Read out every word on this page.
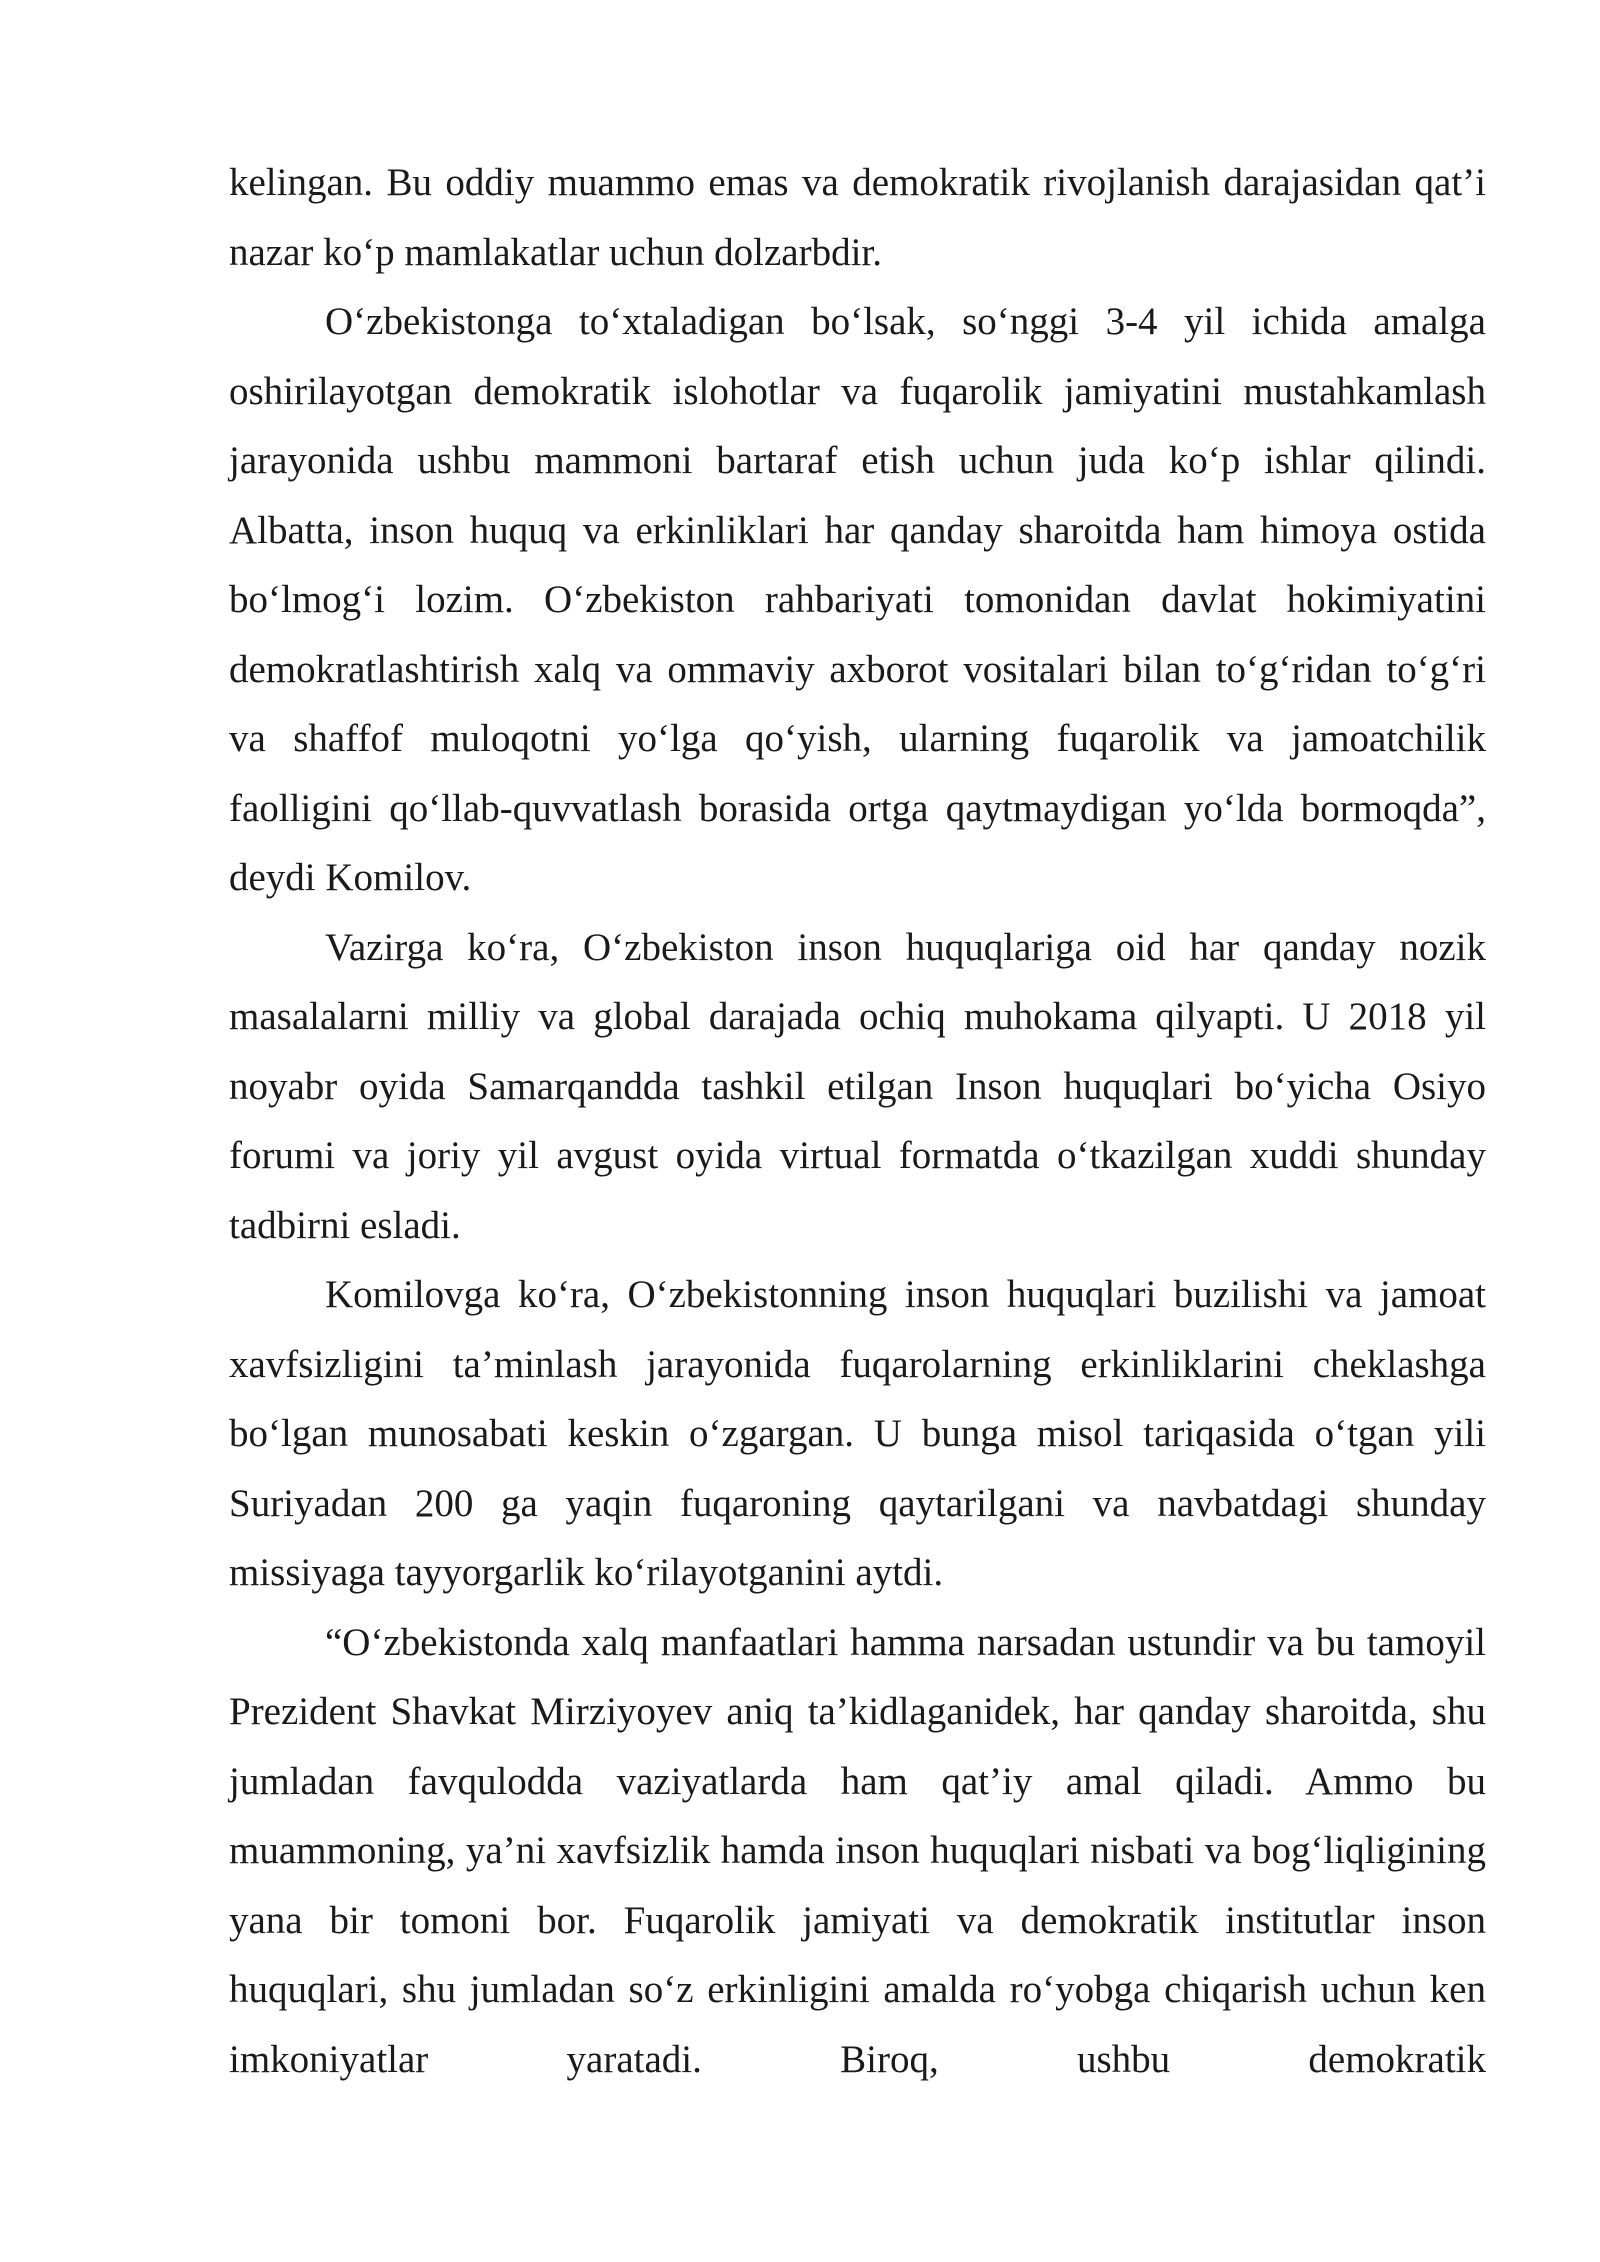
kelingan. Bu oddiy muammo emas va demokratik rivojlanish darajasidan qat’i nazar ko‘p mamlakatlar uchun dolzarbdir.

O‘zbekistonga to‘xtaladigan bo‘lsak, so‘nggi 3-4 yil ichida amalga oshirilayotgan demokratik islohotlar va fuqarolik jamiyatini mustahkamlash jarayonida ushbu mammoni bartaraf etish uchun juda ko‘p ishlar qilindi. Albatta, inson huquq va erkinliklari har qanday sharoitda ham himoya ostida bo‘lmog‘i lozim. O‘zbekiston rahbariyati tomonidan davlat hokimiyatini demokratlashtirish xalq va ommaviy axborot vositalari bilan to‘g‘ridan to‘g‘ri va shaffof muloqotni yo‘lga qo‘yish, ularning fuqarolik va jamoatchilik faolligini qo‘llab-quvvatlash borasida ortga qaytmaydigan yo‘lda bormoqda”, deydi Komilov.

Vazirga ko‘ra, O‘zbekiston inson huquqlariga oid har qanday nozik masalalarni milliy va global darajada ochiq muhokama qilyapti. U 2018 yil noyabr oyida Samarqandda tashkil etilgan Inson huquqlari bo‘yicha Osiyo forumi va joriy yil avgust oyida virtual formatda o‘tkazilgan xuddi shunday tadbirni esladi.

Komilovga ko‘ra, O‘zbekistonning inson huquqlari buzilishi va jamoat xavfsizligini ta’minlash jarayonida fuqarolarning erkinliklarini cheklashga bo‘lgan munosabati keskin o‘zgargan. U bunga misol tariqasida o‘tgan yili Suriyadan 200 ga yaqin fuqaroning qaytarilgani va navbatdagi shunday missiyaga tayyorgarlik ko‘rilayotganini aytdi.

“O‘zbekistonda xalq manfaatlari hamma narsadan ustundir va bu tamoyil Prezident Shavkat Mirziyoyev aniq ta’kidlaganidek, har qanday sharoitda, shu jumladan favqulodda vaziyatlarda ham qat’iy amal qiladi. Ammo bu muammoning, ya’ni xavfsizlik hamda inson huquqlari nisbati va bog‘liqligining yana bir tomoni bor. Fuqarolik jamiyati va demokratik institutlar inson huquqlari, shu jumladan so‘z erkinligini amalda ro‘yobga chiqarish uchun ken imkoniyatlar yaratadi. Biroq, ushbu demokratik
